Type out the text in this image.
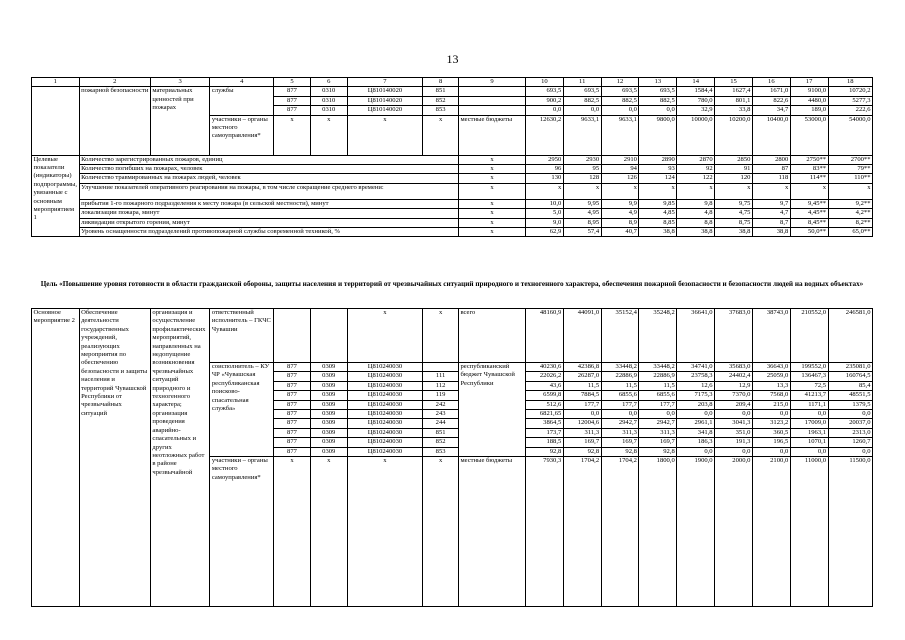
13
1	2	3	4	5	6	7	8	9	10	11	12	13	14	15	16	17	18
	пожарной безопасности	материальных ценностей при пожарах	службы	877	0310	Ц810140020	851		693,5	693,5	693,5	693,5	1584,4	1627,4	1671,0	9100,0	10720,2
				877	0310	Ц810140020	852		900,2	882,5	882,5	882,5	780,0	801,1	822,6	4480,0	5277,3
				877	0310	Ц810140020	853		0,0	0,0	0,0	0,0	32,9	33,8	34,7	189,0	222,6
			участники – органы местного самоуправления*	x	x	x	x	местные бюджеты	12630,2	9633,1	9633,1	9800,0	10000,0	10200,0	10400,0	53000,0	54000,0
Целевые показатели (индикаторы) подпрограммы, увязанные с основным мероприятием 1	Количество зарегистрированных пожаров, единиц							x	2950	2930	2910	2890	2870	2850	2800	2750**	2700**
	Количество погибших на пожарах, человек							x	96	95	94	93	92	91	87	83**	79**
	Количество травмированных на пожарах людей, человек							x	130	128	126	124	122	120	118	114**	110**
	Улучшение показателей оперативного реагирования на пожары, в том числе сокращение среднего времени:							x	x	x	x	x	x	x	x	x	x
	прибытия 1-го пожарного подразделения к месту пожара (в сельской местности), минут							x	10,0	9,95	9,9	9,85	9,8	9,75	9,7	9,45**	9,2**
	локализации пожара, минут							x	5,0	4,95	4,9	4,85	4,8	4,75	4,7	4,45**	4,2**
	ликвидации открытого горения, минут							x	9,0	8,95	8,9	8,85	8,8	8,75	8,7	8,45**	8,2**
	Уровень оснащенности подразделений противопожарной службы современной техникой, %							x	62,9	57,4	40,7	38,8	38,8	38,8	38,8	50,0**	65,0**
Цель «Повышение уровня готовности в области гражданской обороны, защиты населения и территорий от чрезвычайных ситуаций природного и техногенного характера, обеспечения пожарной безопасности и безопасности людей на водных объектах»
Основное мероприятие 2	Обеспечение деятельности государственных учреждений, реализующих мероприятия по обеспечению безопасности и защиты населения и территорий Чувашской Республики от чрезвычайных ситуаций	организация и осуществление профилактических мероприятий, направленных на недопущение возникновения чрезвычайных ситуаций природного и техногенного характера; организация проведения аварийно-спасательных и других неотложных работ в районе чрезвычайной	ответственный исполнитель – ГКЧС Чувашии			x	x	всего	48160,9	44091,0	35152,4	35248,2	36641,0	37683,0	38743,0	210552,0	246581,0
			соисполнитель – КУ ЧР «Чувашская республиканская поисково-спасательная служба»	877	0309	Ц810240030		республиканский бюджет Чувашской Республики	40230,6	42386,8	33448,2	33448,2	34741,0	35683,0	36643,0	199552,0	235081,0
				877	0309	Ц810240030	111		22026,2	26287,0	22886,9	22886,9	23758,3	24402,4	25059,0	136467,3	160764,5
				877	0309	Ц810240030	112		43,6	11,5	11,5	11,5	12,6	12,9	13,3	72,5	85,4
				877	0309	Ц810240030	119		6599,8	7884,5	6855,6	6855,6	7175,3	7370,0	7568,0	41213,7	48551,5
				877	0309	Ц810240030	242		512,6	177,7	177,7	177,7	203,8	209,4	215,0	1171,1	1379,5
				877	0309	Ц810240030	243		6821,65	0,0	0,0	0,0	0,0	0,0	0,0	0,0	0,0
				877	0309	Ц810240030	244		3864,5	12004,6	2942,7	2942,7	2961,1	3041,3	3123,2	17009,0	20037,0
				877	0309	Ц810240030	851		173,7	311,3	311,3	311,3	341,8	351,0	360,5	1963,1	2313,0
				877	0309	Ц810240030	852		188,5	169,7	169,7	169,7	186,3	191,3	196,5	1070,1	1260,7
				877	0309	Ц810240030	853		92,8	92,8	92,8	92,8	0,0	0,0	0,0	0,0	0,0
			участники – органы местного самоуправления*	x	x	x	x	местные бюджеты	7930,3	1704,2	1704,2	1800,0	1900,0	2000,0	2100,0	11000,0	11500,0
